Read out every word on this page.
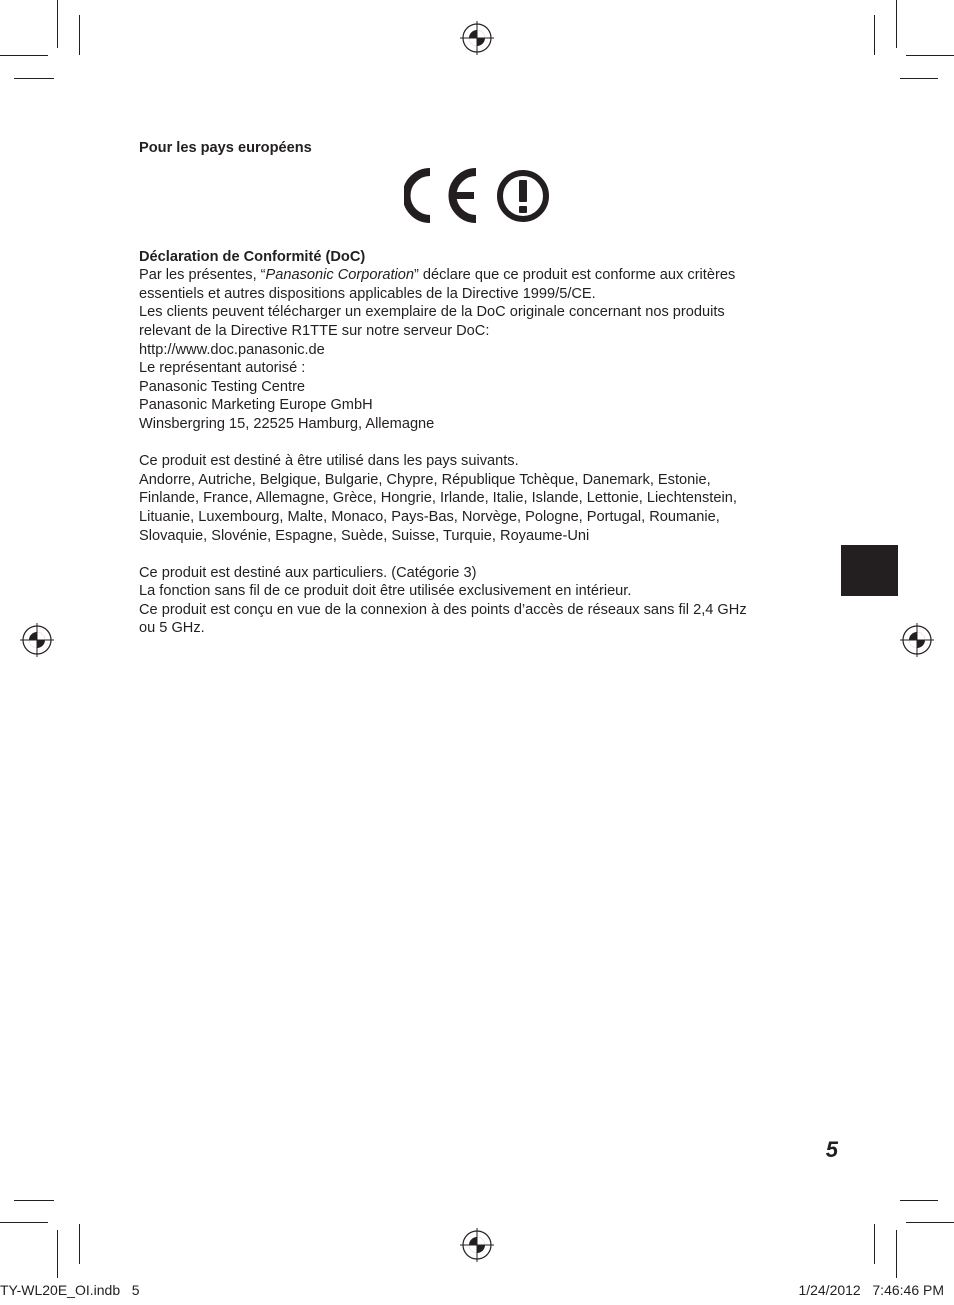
Pour les pays européens

Déclaration de Conformité (DoC)

Par les présentes, “Panasonic Corporation” déclare que ce produit est conforme aux critères

essentiels et autres dispositions applicables de la Directive 1999/5/CE.

Les clients peuvent télécharger un exemplaire de la DoC originale concernant nos produits

relevant de la Directive R1TTE sur notre serveur DoC:

http://www.doc.panasonic.de

Le représentant autorisé :

Panasonic Testing Centre

Panasonic Marketing Europe GmbH

Winsbergring 15, 22525 Hamburg, Allemagne

Ce produit est destiné à être utilisé dans les pays suivants.

Andorre, Autriche, Belgique, Bulgarie, Chypre, République Tchèque, Danemark, Estonie,

Finlande, France, Allemagne, Grèce, Hongrie, Irlande, Italie, Islande, Lettonie, Liechtenstein,

Lituanie, Luxembourg, Malte, Monaco, Pays-Bas, Norvège, Pologne, Portugal, Roumanie,

Slovaquie, Slovénie, Espagne, Suède, Suisse, Turquie, Royaume-Uni

Ce produit est destiné aux particuliers. (Catégorie 3)

La fonction sans fil de ce produit doit être utilisée exclusivement en intérieur.

Ce produit est conçu en vue de la connexion à des points d’accès de réseaux sans fil 2,4 GHz

ou 5 GHz.

5
TY-WL20E_OI.indb   5	1/24/2012   7:46:46 PM
